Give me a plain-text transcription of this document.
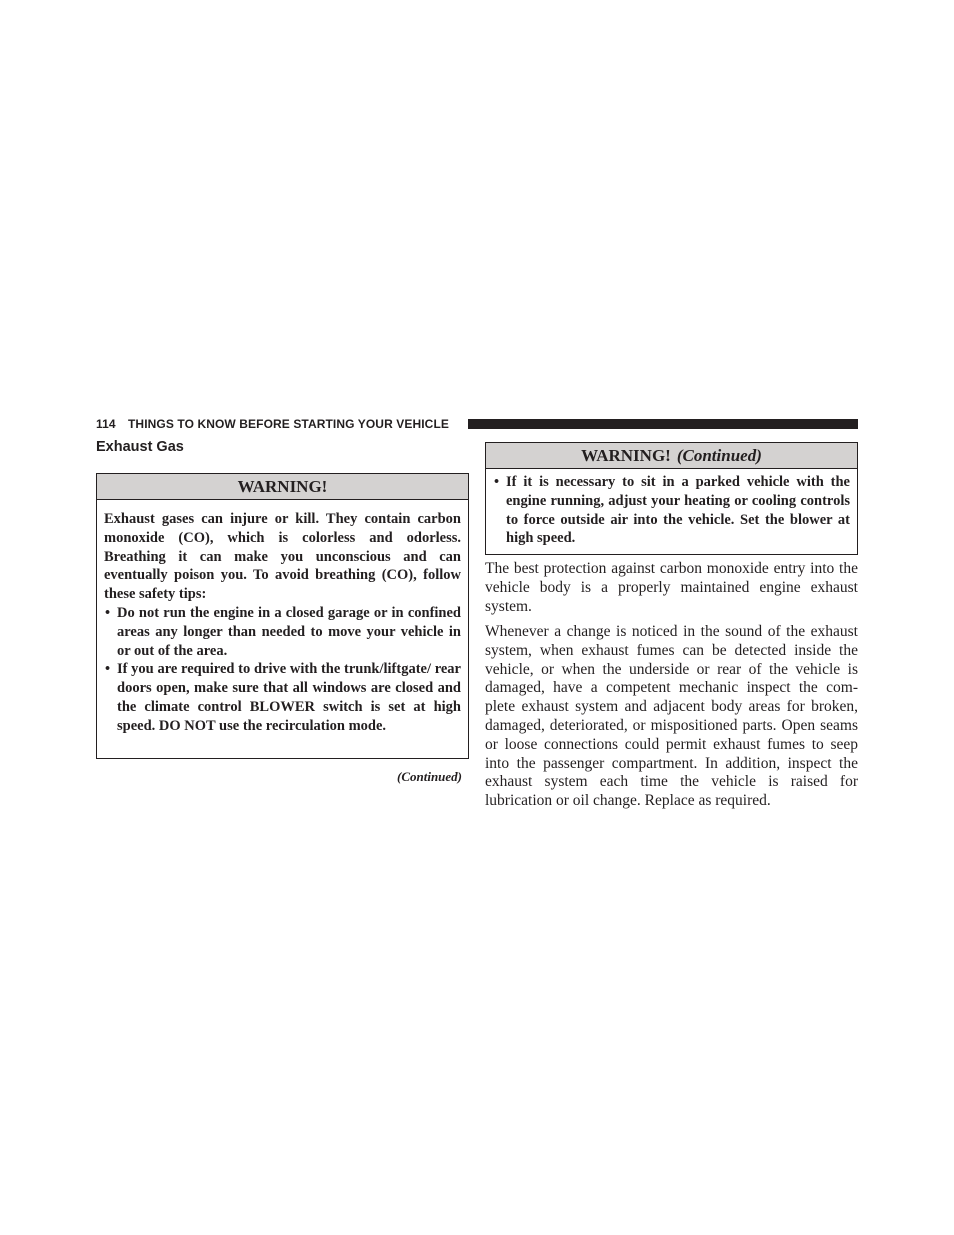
114 THINGS TO KNOW BEFORE STARTING YOUR VEHICLE
Exhaust Gas
WARNING!

Exhaust gases can injure or kill. They contain carbon monoxide (CO), which is colorless and odorless. Breathing it can make you unconscious and can eventually poison you. To avoid breathing (CO), follow these safety tips:

• Do not run the engine in a closed garage or in confined areas any longer than needed to move your vehicle in or out of the area.
• If you are required to drive with the trunk/liftgate/ rear doors open, make sure that all windows are closed and the climate control BLOWER switch is set at high speed. DO NOT use the recirculation mode.
(Continued)
WARNING! (Continued)
• If it is necessary to sit in a parked vehicle with the engine running, adjust your heating or cooling controls to force outside air into the vehicle. Set the blower at high speed.

The best protection against carbon monoxide entry into the vehicle body is a properly maintained engine exhaust system.

Whenever a change is noticed in the sound of the exhaust system, when exhaust fumes can be detected inside the vehicle, or when the underside or rear of the vehicle is damaged, have a competent mechanic inspect the com- plete exhaust system and adjacent body areas for broken, damaged, deteriorated, or mispositioned parts. Open seams or loose connections could permit exhaust fumes to seep into the passenger compartment. In addition, inspect the exhaust system each time the vehicle is raised for lubrication or oil change. Replace as required.
